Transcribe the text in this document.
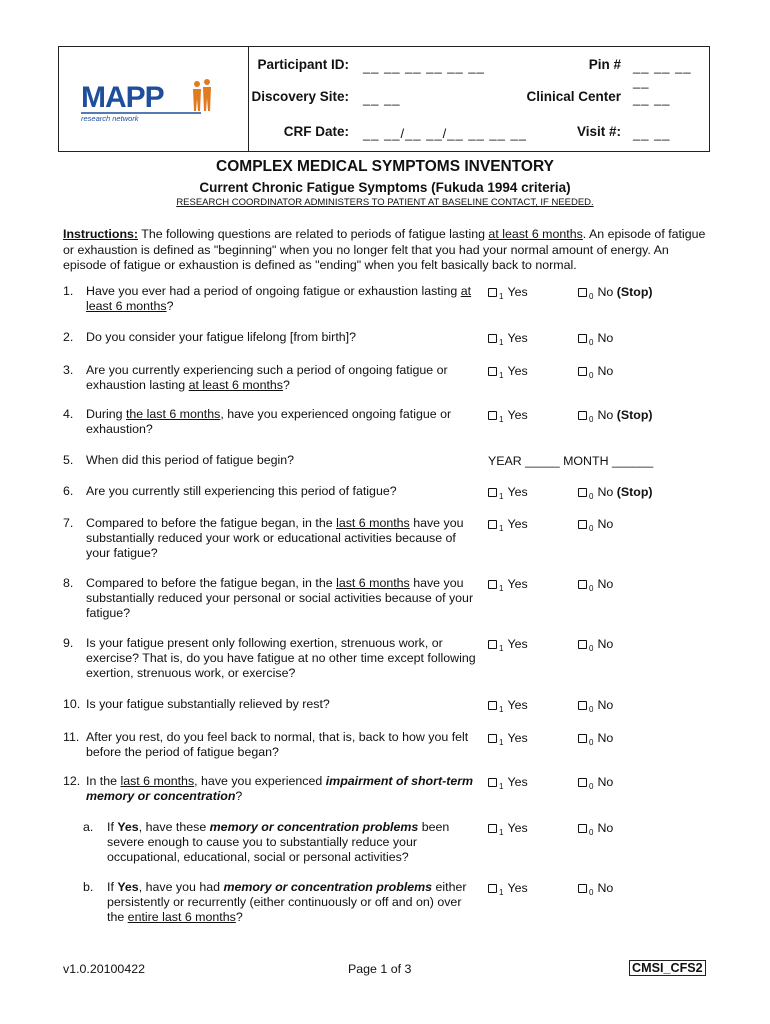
MAPP
research network
Participant ID: __ __ __ __ __ __	Pin # __ __ __ __
Discovery Site: __ __	Clinical Center __ __
CRF Date: __ __/__ __/__ __ __ __	Visit #: __ __
COMPLEX MEDICAL SYMPTOMS INVENTORY
Current Chronic Fatigue Symptoms (Fukuda 1994 criteria)
RESEARCH COORDINATOR ADMINISTERS TO PATIENT AT BASELINE CONTACT, IF NEEDED.
Instructions: The following questions are related to periods of fatigue lasting at least 6 months. An episode of fatigue or exhaustion is defined as "beginning" when you no longer felt that you had your normal amount of energy. An episode of fatigue or exhaustion is defined as "ending" when you felt basically back to normal.
1.	Have you ever had a period of ongoing fatigue or exhaustion lasting at least 6 months?
$_1$ Yes	$_0$ No (Stop)
2.	Do you consider your fatigue lifelong [from birth]?	$_1$ Yes	$_0$ No
3.	Are you currently experiencing such a period of ongoing fatigue or exhaustion lasting at least 6 months?
$_1$ Yes	$_0$ No
4.	During the last 6 months, have you experienced ongoing fatigue or exhaustion?
$_1$ Yes	$_0$ No (Stop)
5.	When did this period of fatigue begin?	YEAR _____ MONTH ______
6.	Are you currently still experiencing this period of fatigue?	$_1$ Yes	$_0$ No (Stop)
7.	Compared to before the fatigue began, in the last 6 months have you substantially reduced your work or educational activities because of your fatigue?
$_1$ Yes	$_0$ No
8.	Compared to before the fatigue began, in the last 6 months have you substantially reduced your personal or social activities because of your fatigue?
$_1$ Yes	$_0$ No
9.	Is your fatigue present only following exertion, strenuous work, or exercise? That is, do you have fatigue at no other time except following exertion, strenuous work, or exercise?
$_1$ Yes	$_0$ No
10. Is your fatigue substantially relieved by rest?	$_1$ Yes	$_0$ No
11. After you rest, do you feel back to normal, that is, back to how you felt before the period of fatigue began?
$_1$ Yes	$_0$ No
12. In the last 6 months, have you experienced impairment of short-term memory or concentration?
$_1$ Yes	$_0$ No
a.	If Yes, have these memory or concentration problems been severe enough to cause you to substantially reduce your occupational, educational, social or personal activities?
$_1$ Yes	$_0$ No
b.	If Yes, have you had memory or concentration problems either persistently or recurrently (either continuously or off and on) over the entire last 6 months?
$_1$ Yes	$_0$ No
v1.0.20100422	Page 1 of 3	CMSI_CFS2
